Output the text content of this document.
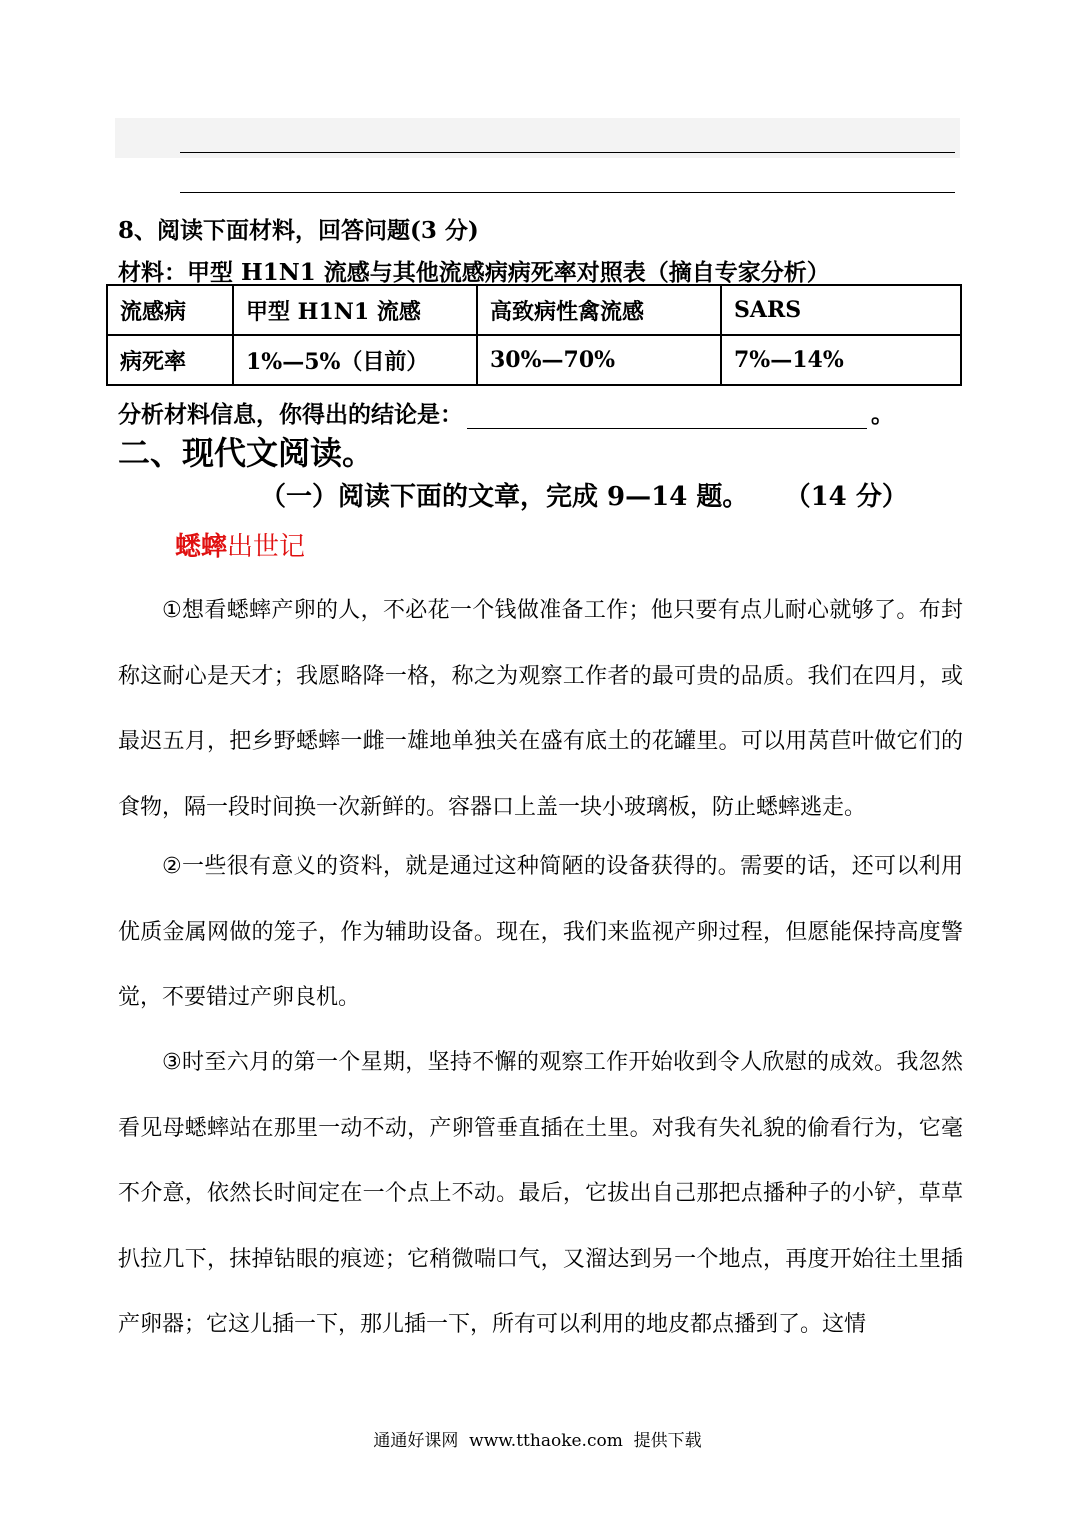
8、阅读下面材料，回答问题(3 分)
材料：甲型 H1N1 流感与其他流感病病死率对照表（摘自专家分析）
流感病	甲型 H1N1 流感	高致病性禽流感	SARS
病死率	1%—5%（目前）	30%—70%	7%—14%
分析材料信息，你得出的结论是：	。
二、现代文阅读。
（一）阅读下面的文章，完成 9—14 题。    （14 分）
蟋蟀出世记

①想看蟋蟀产卵的人，不必花一个钱做准备工作；他只要有点儿耐心就够了。布封称这耐心是天才；我愿略降一格，称之为观察工作者的最可贵的品质。我们在四月，或最迟五月，把乡野蟋蟀一雌一雄地单独关在盛有底土的花罐里。可以用莴苣叶做它们的食物，隔一段时间换一次新鲜的。容器口上盖一块小玻璃板，防止蟋蟀逃走。

②一些很有意义的资料，就是通过这种简陋的设备获得的。需要的话，还可以利用优质金属网做的笼子，作为辅助设备。现在，我们来监视产卵过程，但愿能保持高度警觉，不要错过产卵良机。

③时至六月的第一个星期，坚持不懈的观察工作开始收到令人欣慰的成效。我忽然看见母蟋蟀站在那里一动不动，产卵管垂直插在土里。对我有失礼貌的偷看行为，它毫不介意，依然长时间定在一个点上不动。最后，它拔出自己那把点播种子的小铲，草草扒拉几下，抹掉钻眼的痕迹；它稍微喘口气，又溜达到另一个地点，再度开始往土里插产卵器；它这儿插一下，那儿插一下，所有可以利用的地皮都点播到了。这情

通通好课网  www.tthaoke.com  提供下载
